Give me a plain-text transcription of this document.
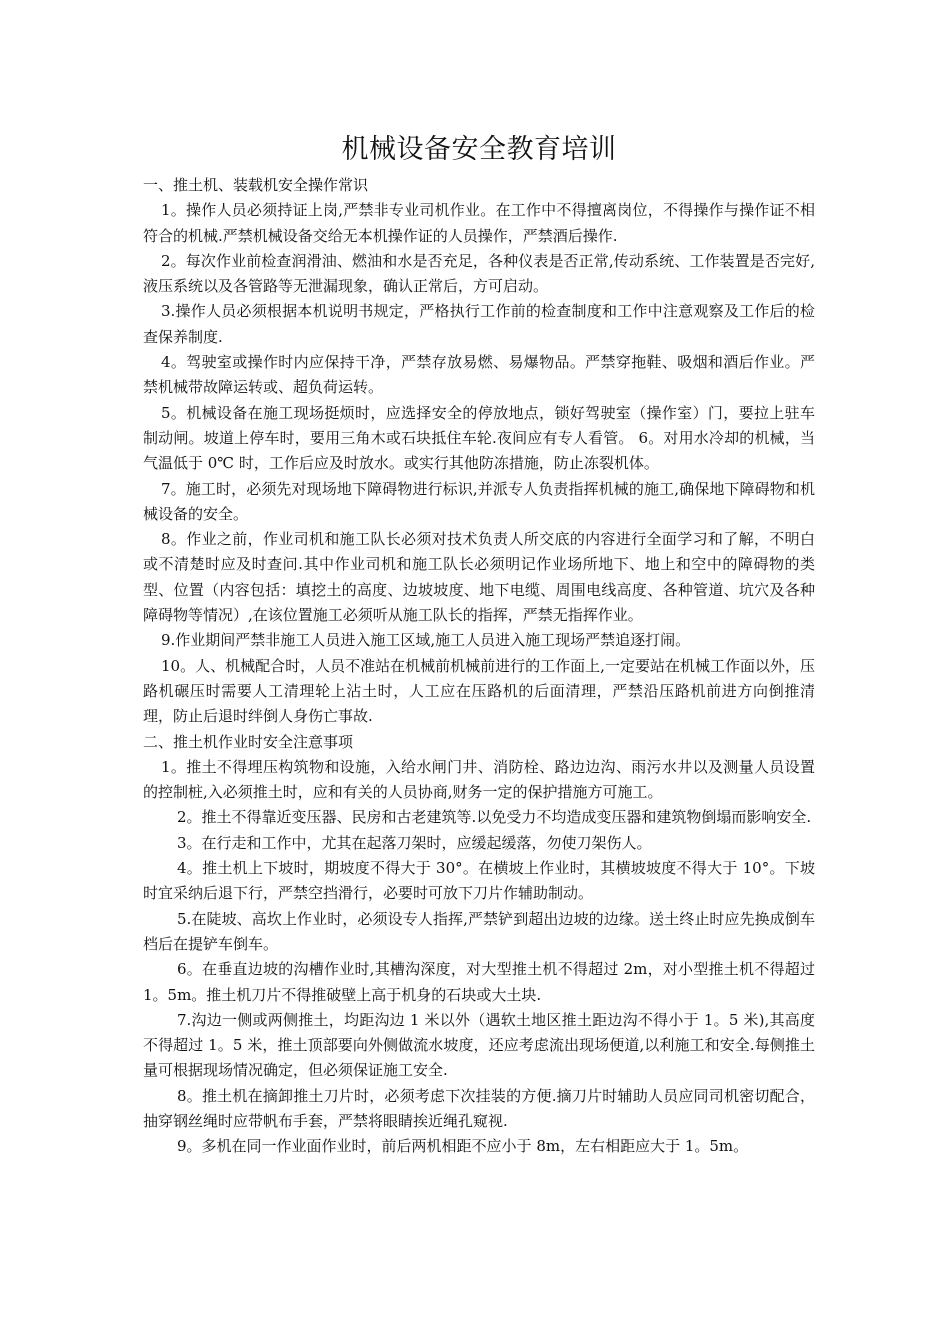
机械设备安全教育培训

一、推土机、装载机安全操作常识

1。操作人员必须持证上岗,严禁非专业司机作业。在工作中不得擅离岗位，不得操作与操作证不相符合的机械.严禁机械设备交给无本机操作证的人员操作，严禁酒后操作.

2。每次作业前检查润滑油、燃油和水是否充足，各种仪表是否正常,传动系统、工作装置是否完好,液压系统以及各管路等无泄漏现象，确认正常后，方可启动。

3.操作人员必须根据本机说明书规定，严格执行工作前的检查制度和工作中注意观察及工作后的检查保养制度.

4。驾驶室或操作时内应保持干净，严禁存放易燃、易爆物品。严禁穿拖鞋、吸烟和酒后作业。严禁机械带故障运转或、超负荷运转。

5。机械设备在施工现场挺烦时，应选择安全的停放地点，锁好驾驶室（操作室）门，要拉上驻车制动闸。坡道上停车时，要用三角木或石块抵住车轮.夜间应有专人看管。 6。对用水冷却的机械，当气温低于 0℃ 时，工作后应及时放水。或实行其他防冻措施，防止冻裂机体。

7。施工时，必须先对现场地下障碍物进行标识,并派专人负责指挥机械的施工,确保地下障碍物和机械设备的安全。

8。作业之前，作业司机和施工队长必须对技术负责人所交底的内容进行全面学习和了解，不明白或不清楚时应及时查问.其中作业司机和施工队长必须明记作业场所地下、地上和空中的障碍物的类型、位置（内容包括：填挖土的高度、边坡坡度、地下电缆、周围电线高度、各种管道、坑穴及各种障碍物等情况）,在该位置施工必须听从施工队长的指挥，严禁无指挥作业。

9.作业期间严禁非施工人员进入施工区域,施工人员进入施工现场严禁追逐打闹。

10。人、机械配合时，人员不准站在机械前机械前进行的工作面上,一定要站在机械工作面以外，压路机碾压时需要人工清理轮上沾土时，人工应在压路机的后面清理，严禁沿压路机前进方向倒推清理，防止后退时绊倒人身伤亡事故.

二、推土机作业时安全注意事项

1。推土不得埋压构筑物和设施，入给水闸门井、消防栓、路边边沟、雨污水井以及测量人员设置的控制桩,入必须推土时，应和有关的人员协商,财务一定的保护措施方可施工。

2。推土不得靠近变压器、民房和古老建筑等.以免受力不均造成变压器和建筑物倒塌而影响安全.

3。在行走和工作中，尤其在起落刀架时，应缓起缓落，勿使刀架伤人。

4。推土机上下坡时，期坡度不得大于 30°。在横坡上作业时，其横坡坡度不得大于 10°。下坡时宜采纳后退下行，严禁空挡滑行，必要时可放下刀片作辅助制动。

5.在陡坡、高坎上作业时，必须设专人指挥,严禁铲到超出边坡的边缘。送土终止时应先换成倒车档后在提铲车倒车。

6。在垂直边坡的沟槽作业时,其槽沟深度，对大型推土机不得超过 2m，对小型推土机不得超过 1。5m。推土机刀片不得推破壁上高于机身的石块或大土块.

7.沟边一侧或两侧推土，均距沟边 1 米以外（遇软土地区推土距边沟不得小于 1。5 米),其高度不得超过 1。5 米，推土顶部要向外侧做流水坡度，还应考虑流出现场便道,以利施工和安全.每侧推土量可根据现场情况确定，但必须保证施工安全.

8。推土机在摘卸推土刀片时，必须考虑下次挂装的方便.摘刀片时辅助人员应同司机密切配合，抽穿钢丝绳时应带帆布手套，严禁将眼睛挨近绳孔窥视.

9。多机在同一作业面作业时，前后两机相距不应小于 8m，左右相距应大于 1。5m。
